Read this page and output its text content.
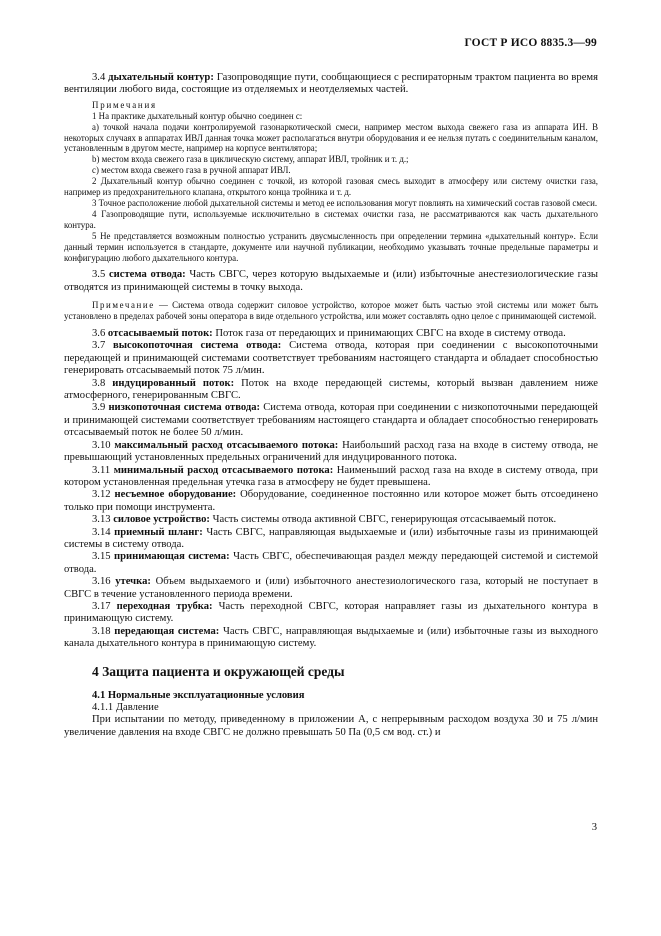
ГОСТ Р ИСО 8835.3—99

3.4 дыхательный контур: Газопроводящие пути, сообщающиеся с респираторным трактом пациента во время вентиляции любого вида, состоящие из отделяемых и неотделяемых частей.

Примечания

1 На практике дыхательный контур обычно соединен с:

a) точкой начала подачи контролируемой газонаркотической смеси, например местом выхода свежего газа из аппарата ИН. В некоторых случаях в аппаратах ИВЛ данная точка может располагаться внутри оборудования и ее нельзя путать с соединительным каналом, установленным в другом месте, например на корпусе вентилятора;

b) местом входа свежего газа в циклическую систему, аппарат ИВЛ, тройник и т. д.;

c) местом входа свежего газа в ручной аппарат ИВЛ.

2 Дыхательный контур обычно соединен с точкой, из которой газовая смесь выходит в атмосферу или систему очистки газа, например из предохранительного клапана, открытого конца тройника и т. д.

3 Точное расположение любой дыхательной системы и метод ее использования могут повлиять на химический состав газовой смеси.

4 Газопроводящие пути, используемые исключительно в системах очистки газа, не рассматриваются как часть дыхательного контура.

5 Не представляется возможным полностью устранить двусмысленность при определении термина «дыхательный контур». Если данный термин используется в стандарте, документе или научной публикации, необходимо указывать точные предельные параметры и конфигурацию любого дыхательного контура.

3.5 система отвода: Часть СВГС, через которую выдыхаемые и (или) избыточные анестезиологические газы отводятся из принимающей системы в точку выхода.

Примечание — Система отвода содержит силовое устройство, которое может быть частью этой системы или может быть установлено в пределах рабочей зоны оператора в виде отдельного устройства, или может составлять одно целое с принимающей системой.

3.6 отсасываемый поток: Поток газа от передающих и принимающих СВГС на входе в систему отвода.

3.7 высокопоточная система отвода: Система отвода, которая при соединении с высокопоточными передающей и принимающей системами соответствует требованиям настоящего стандарта и обладает способностью генерировать отсасываемый поток 75 л/мин.

3.8 индуцированный поток: Поток на входе передающей системы, который вызван давлением ниже атмосферного, генерированным СВГС.

3.9 низкопоточная система отвода: Система отвода, которая при соединении с низкопоточными передающей и принимающей системами соответствует требованиям настоящего стандарта и обладает способностью генерировать отсасываемый поток не более 50 л/мин.

3.10 максимальный расход отсасываемого потока: Наибольший расход газа на входе в систему отвода, не превышающий установленных предельных ограничений для индуцированного потока.

3.11 минимальный расход отсасываемого потока: Наименьший расход газа на входе в систему отвода, при котором установленная предельная утечка газа в атмосферу не будет превышена.

3.12 несъемное оборудование: Оборудование, соединенное постоянно или которое может быть отсоединено только при помощи инструмента.

3.13 силовое устройство: Часть системы отвода активной СВГС, генерирующая отсасываемый поток.

3.14 приемный шланг: Часть СВГС, направляющая выдыхаемые и (или) избыточные газы из принимающей системы в систему отвода.

3.15 принимающая система: Часть СВГС, обеспечивающая раздел между передающей системой и системой отвода.

3.16 утечка: Объем выдыхаемого и (или) избыточного анестезиологического газа, который не поступает в СВГС в течение установленного периода времени.

3.17 переходная трубка: Часть переходной СВГС, которая направляет газы из дыхательного контура в принимающую систему.

3.18 передающая система: Часть СВГС, направляющая выдыхаемые и (или) избыточные газы из выходного канала дыхательного контура в принимающую систему.

4 Защита пациента и окружающей среды

4.1 Нормальные эксплуатационные условия

4.1.1 Давление

При испытании по методу, приведенному в приложении А, с непрерывным расходом воздуха 30 и 75 л/мин увеличение давления на входе СВГС не должно превышать 50 Па (0,5 см вод. ст.) и

3
